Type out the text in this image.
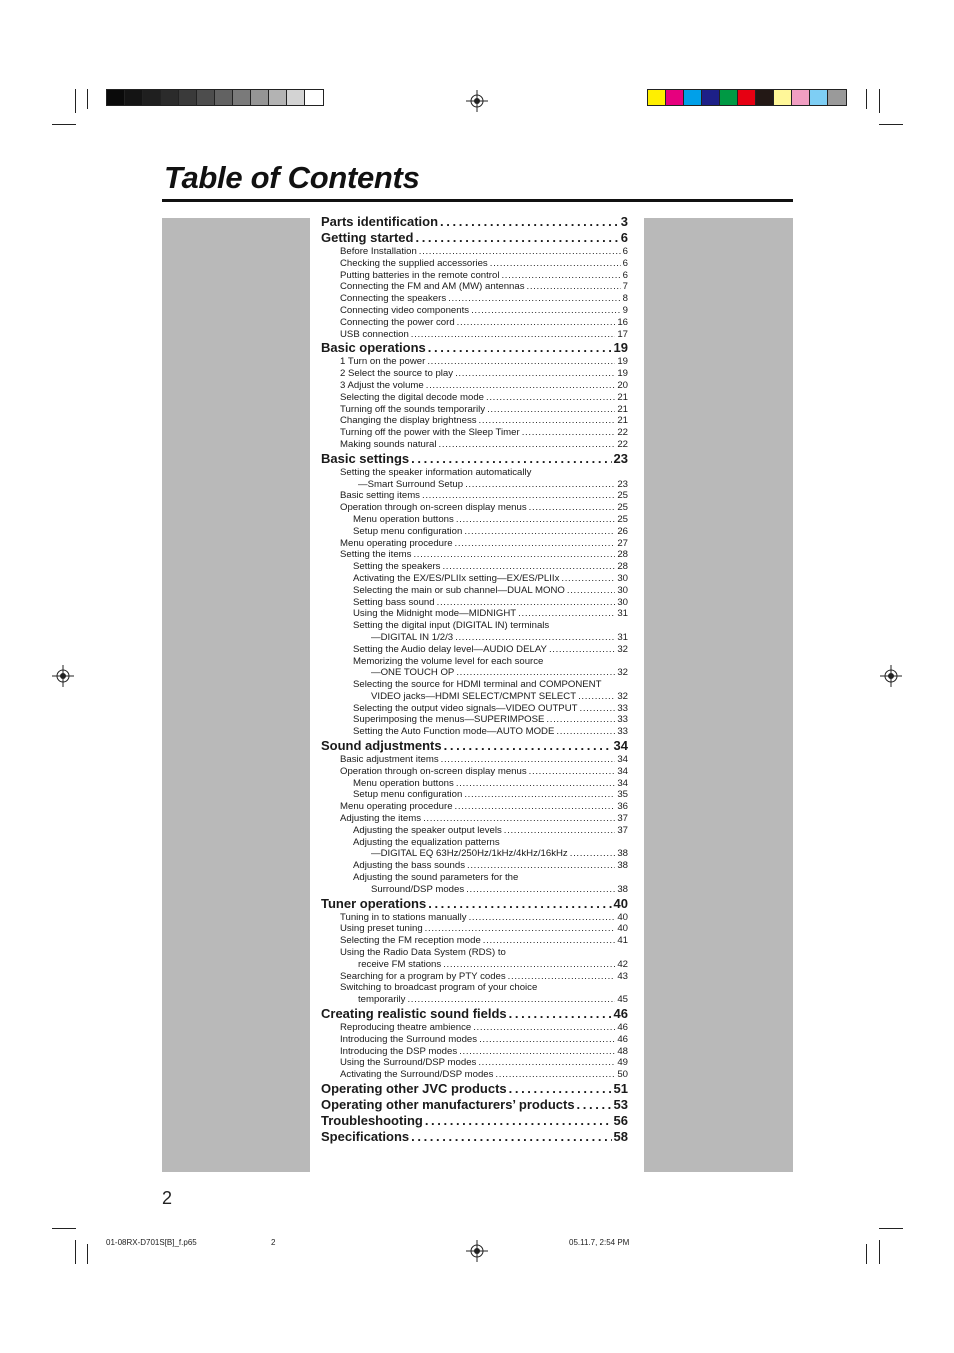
Table of Contents
Parts identification . . .	3
Getting started . . .	6
Before Installation . . .	6
Checking the supplied accessories . . .	6
Putting batteries in the remote control . . .	6
Connecting the FM and AM (MW) antennas . . .	7
Connecting the speakers . . .	8
Connecting video components . . .	9
Connecting the power cord . . .	16
USB connection . . .	17
Basic operations . . .	19
1 Turn on the power . . .	19
2 Select the source to play . . .	19
3 Adjust the volume . . .	20
Selecting the digital decode mode . . .	21
Turning off the sounds temporarily . . .	21
Changing the display brightness . . .	21
Turning off the power with the Sleep Timer . . .	22
Making sounds natural . . .	22
Basic settings . . .	23
Setting the speaker information automatically
—Smart Surround Setup . . .	23
Basic setting items . . .	25
Operation through on-screen display menus . . .	25
Menu operation buttons . . .	25
Setup menu configuration . . .	26
Menu operating procedure . . .	27
Setting the items . . .	28
Setting the speakers . . .	28
Activating the EX/ES/PLIIx setting—EX/ES/PLIIx . . .	30
Selecting the main or sub channel—DUAL MONO . . .	30
Setting bass sound . . .	30
Using the Midnight mode—MIDNIGHT . . .	31
Setting the digital input (DIGITAL IN) terminals
—DIGITAL IN 1/2/3 . . .	31
Setting the Audio delay level—AUDIO DELAY . . .	32
Memorizing the volume level for each source
—ONE TOUCH OP . . .	32
Selecting the source for HDMI terminal and COMPONENT
VIDEO jacks—HDMI SELECT/CMPNT SELECT . . .	32
Selecting the output video signals—VIDEO OUTPUT . . .	33
Superimposing the menus—SUPERIMPOSE . . .	33
Setting the Auto Function mode—AUTO MODE . . .	33
Sound adjustments . . .	34
Basic adjustment items . . .	34
Operation through on-screen display menus . . .	34
Menu operation buttons . . .	34
Setup menu configuration . . .	35
Menu operating procedure . . .	36
Adjusting the items . . .	37
Adjusting the speaker output levels . . .	37
Adjusting the equalization patterns
—DIGITAL EQ 63Hz/250Hz/1kHz/4kHz/16kHz . . .	38
Adjusting the bass sounds . . .	38
Adjusting the sound parameters for the
Surround/DSP modes . . .	38
Tuner operations . . .	40
Tuning in to stations manually . . .	40
Using preset tuning . . .	40
Selecting the FM reception mode . . .	41
Using the Radio Data System (RDS) to
receive FM stations . . .	42
Searching for a program by PTY codes . . .	43
Switching to broadcast program of your choice
temporarily . . .	45
Creating realistic sound fields . . .	46
Reproducing theatre ambience . . .	46
Introducing the Surround modes . . .	46
Introducing the DSP modes . . .	48
Using the Surround/DSP modes . . .	49
Activating the Surround/DSP modes . . .	50
Operating other JVC products . . .	51
Operating other manufacturers’ products . . .	53
Troubleshooting . . .	56
Specifications . . .	58
2
01-08RX-D701S[B]_f.p65	2	05.11.7, 2:54 PM
